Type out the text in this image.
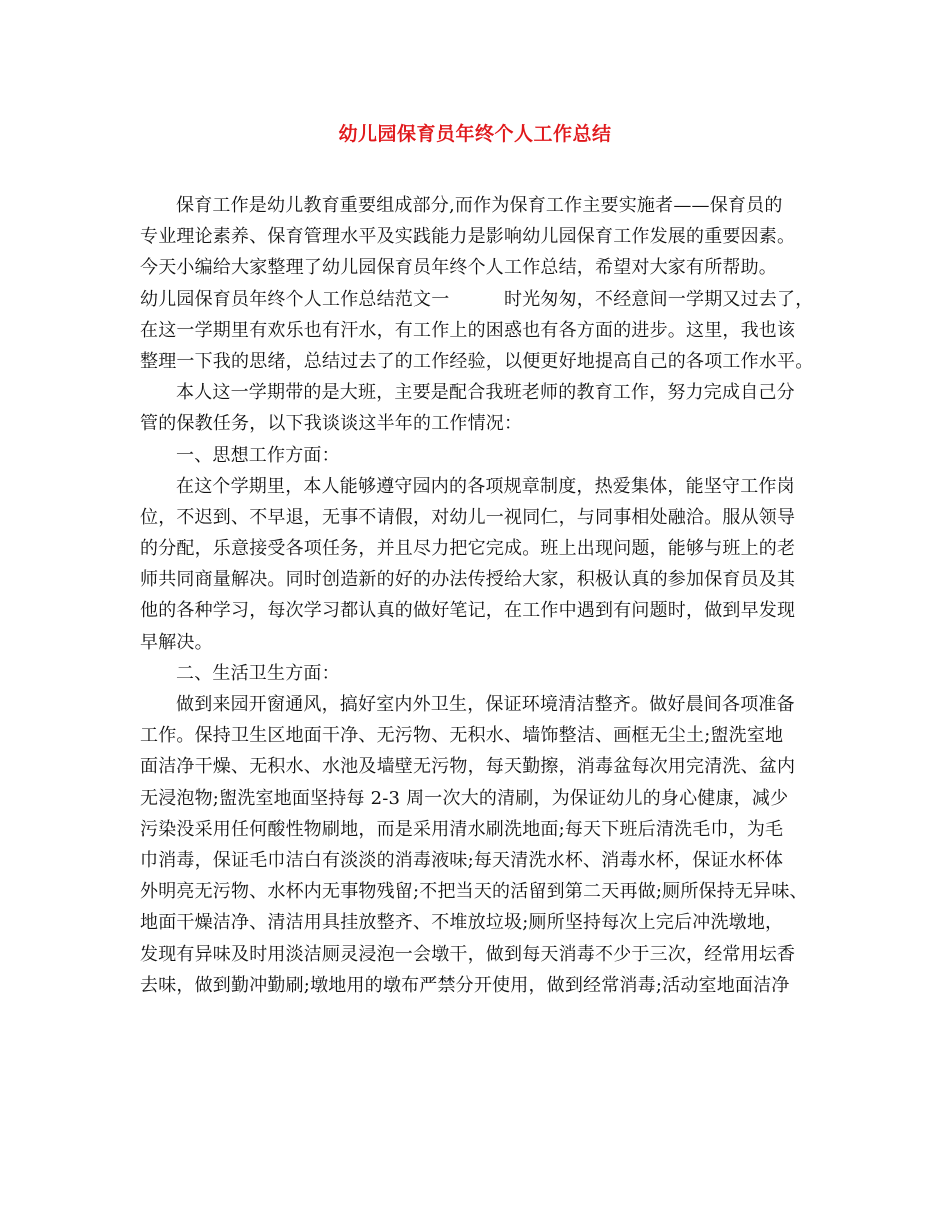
幼儿园保育员年终个人工作总结
保育工作是幼儿教育重要组成部分,而作为保育工作主要实施者——保育员的
专业理论素养、保育管理水平及实践能力是影响幼儿园保育工作发展的重要因素。
今天小编给大家整理了幼儿园保育员年终个人工作总结，希望对大家有所帮助。
幼儿园保育员年终个人工作总结范文一　　　时光匆匆，不经意间一学期又过去了，
在这一学期里有欢乐也有汗水，有工作上的困惑也有各方面的进步。这里，我也该
整理一下我的思绪，总结过去了的工作经验，以便更好地提高自己的各项工作水平。
本人这一学期带的是大班，主要是配合我班老师的教育工作，努力完成自己分
管的保教任务，以下我谈谈这半年的工作情况：
一、思想工作方面：
在这个学期里，本人能够遵守园内的各项规章制度，热爱集体，能坚守工作岗
位，不迟到、不早退，无事不请假，对幼儿一视同仁，与同事相处融洽。服从领导
的分配，乐意接受各项任务，并且尽力把它完成。班上出现问题，能够与班上的老
师共同商量解决。同时创造新的好的办法传授给大家，积极认真的参加保育员及其
他的各种学习，每次学习都认真的做好笔记，在工作中遇到有问题时，做到早发现
早解决。
二、生活卫生方面：
做到来园开窗通风，搞好室内外卫生，保证环境清洁整齐。做好晨间各项准备
工作。保持卫生区地面干净、无污物、无积水、墙饰整洁、画框无尘土;盥洗室地
面洁净干燥、无积水、水池及墙壁无污物，每天勤擦，消毒盆每次用完清洗、盆内
无浸泡物;盥洗室地面坚持每 2-3 周一次大的清刷，为保证幼儿的身心健康，减少
污染没采用任何酸性物刷地，而是采用清水刷洗地面;每天下班后清洗毛巾，为毛
巾消毒，保证毛巾洁白有淡淡的消毒液味;每天清洗水杯、消毒水杯，保证水杯体
外明亮无污物、水杯内无事物残留;不把当天的活留到第二天再做;厕所保持无异味、
地面干燥洁净、清洁用具挂放整齐、不堆放垃圾;厕所坚持每次上完后冲洗墩地，
发现有异味及时用淡洁厕灵浸泡一会墩干，做到每天消毒不少于三次，经常用坛香
去味，做到勤冲勤刷;墩地用的墩布严禁分开使用，做到经常消毒;活动室地面洁净
